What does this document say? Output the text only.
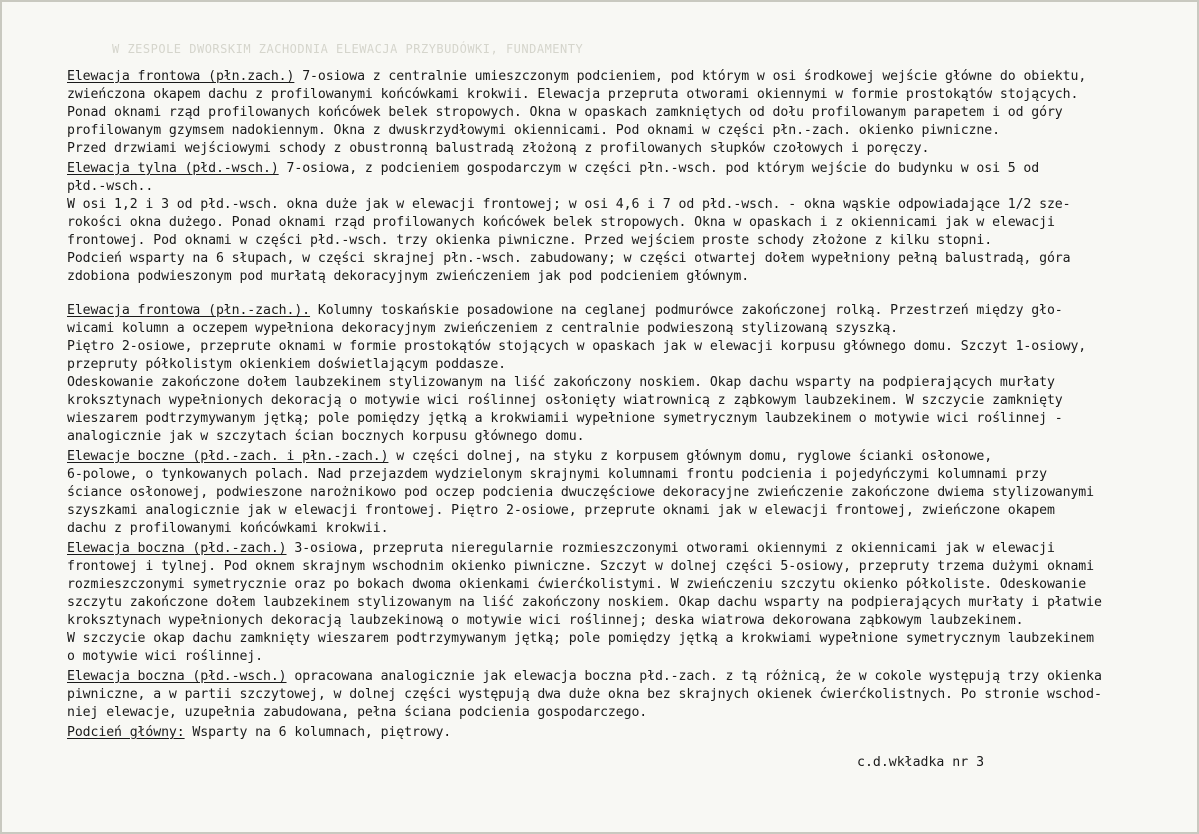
W ZESPOLE DWORSKIM ZACHODNIA ELEWACJA PRZYBUDÓWKI, FUNDAMENTY

Elewacja frontowa (płn.zach.) 7-osiowa z centralnie umieszczonym podcieniem, pod którym w osi środkowej wejście główne do obiektu,
zwieńczona okapem dachu z profilowanymi końcówkami krokwii. Elewacja przepruta otworami okiennymi w formie prostokątów stojących.
Ponad oknami rząd profilowanych końcówek belek stropowych. Okna w opaskach zamkniętych od dołu profilowanym parapetem i od góry
profilowanym gzymsem nadokiennym. Okna z dwuskrzydłowymi okiennicami. Pod oknami w części płn.-zach. okienko piwniczne.
Przed drzwiami wejściowymi schody z obustronną balustradą złożoną z profilowanych słupków czołowych i poręczy.

Elewacja tylna (płd.-wsch.) 7-osiowa, z podcieniem gospodarczym w części płn.-wsch. pod którym wejście do budynku w osi 5 od
płd.-wsch..
W osi 1,2 i 3 od płd.-wsch. okna duże jak w elewacji frontowej; w osi 4,6 i 7 od płd.-wsch. - okna wąskie odpowiadające 1/2 sze-
rokości okna dużego. Ponad oknami rząd profilowanych końcówek belek stropowych. Okna w opaskach i z okiennicami jak w elewacji
frontowej. Pod oknami w części płd.-wsch. trzy okienka piwniczne. Przed wejściem proste schody złożone z kilku stopni.
Podcień wsparty na 6 słupach, w części skrajnej płn.-wsch. zabudowany; w części otwartej dołem wypełniony pełną balustradą, góra
zdobiona podwieszonym pod murłatą dekoracyjnym zwieńczeniem jak pod podcieniem głównym.

Elewacja frontowa (płn.-zach.). Kolumny toskańskie posadowione na ceglanej podmurówce zakończonej rolką. Przestrzeń między gło-
wicami kolumn a oczepem wypełniona dekoracyjnym zwieńczeniem z centralnie podwieszoną stylizowaną szyszką.
Piętro 2-osiowe, przeprute oknami w formie prostokątów stojących w opaskach jak w elewacji korpusu głównego domu. Szczyt 1-osiowy,
przepruty półkolistym okienkiem doświetlającym poddasze.
Odeskowanie zakończone dołem laubzekinem stylizowanym na liść zakończony noskiem. Okap dachu wsparty na podpierających murłaty
kroksztynach wypełnionych dekoracją o motywie wici roślinnej osłonięty wiatrownicą z ząbkowym laubzekinem. W szczycie zamknięty
wieszarem podtrzymywanym jętką; pole pomiędzy jętką a krokwiamii wypełnione symetrycznym laubzekinem o motywie wici roślinnej -
analogicznie jak w szczytach ścian bocznych korpusu głównego domu.

Elewacje boczne (płd.-zach. i płn.-zach.) w części dolnej, na styku z korpusem głównym domu, ryglowe ścianki osłonowe,
6-polowe, o tynkowanych polach. Nad przejazdem wydzielonym skrajnymi kolumnami frontu podcienia i pojedyńczymi kolumnami przy
ściance osłonowej, podwieszone narożnikowo pod oczep podcienia dwuczęściowe dekoracyjne zwieńczenie zakończone dwiema stylizowanymi
szyszkami analogicznie jak w elewacji frontowej. Piętro 2-osiowe, przeprute oknami jak w elewacji frontowej, zwieńczone okapem
dachu z profilowanymi końcówkami krokwii.

Elewacja boczna (płd.-zach.) 3-osiowa, przepruta nieregularnie rozmieszczonymi otworami okiennymi z okiennicami jak w elewacji
frontowej i tylnej. Pod oknem skrajnym wschodnim okienko piwniczne. Szczyt w dolnej części 5-osiowy, przepruty trzema dużymi oknami
rozmieszczonymi symetrycznie oraz po bokach dwoma okienkami ćwierćkolistymi. W zwieńczeniu szczytu okienko półkoliste. Odeskowanie
szczytu zakończone dołem laubzekinem stylizowanym na liść zakończony noskiem. Okap dachu wsparty na podpierających murłaty i płatwie
kroksztynach wypełnionych dekoracją laubzekinową o motywie wici roślinnej; deska wiatrowa dekorowana ząbkowym laubzekinem.
W szczycie okap dachu zamknięty wieszarem podtrzymywanym jętką; pole pomiędzy jętką a krokwiami wypełnione symetrycznym laubzekinem
o motywie wici roślinnej.

Elewacja boczna (płd.-wsch.) opracowana analogicznie jak elewacja boczna płd.-zach. z tą różnicą, że w cokole występują trzy okienka
piwniczne, a w partii szczytowej, w dolnej części występują dwa duże okna bez skrajnych okienek ćwierćkolistnych. Po stronie wschod-
niej elewacje, uzupełnia zabudowana, pełna ściana podcienia gospodarczego.

Podcień główny: Wsparty na 6 kolumnach, piętrowy.

c.d.wkładka nr 3
